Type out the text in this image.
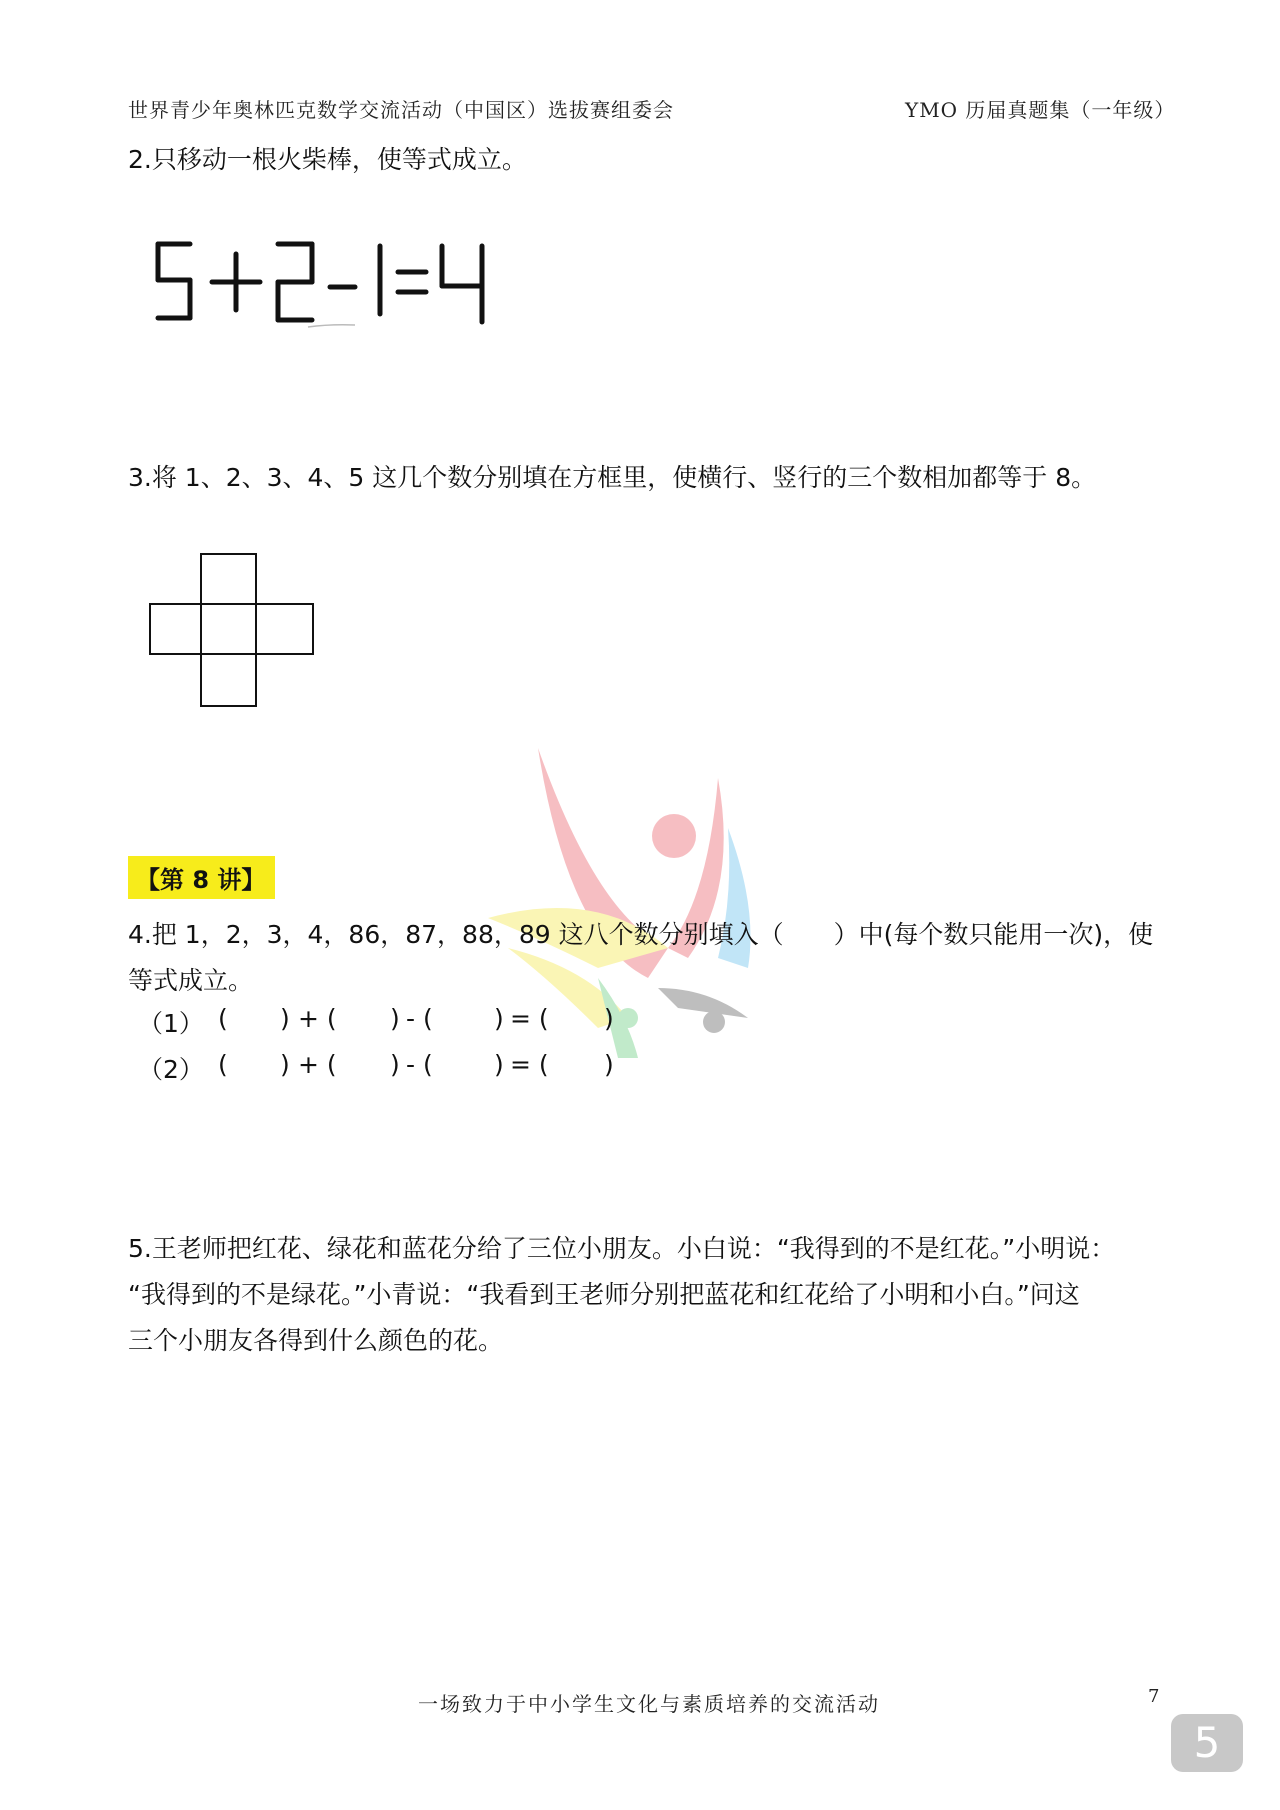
世界青少年奥林匹克数学交流活动（中国区）选拔赛组委会	YMO 历届真题集（一年级）
2.只移动一根火柴棒，使等式成立。
3.将 1、2、3、4、5 这几个数分别填在方框里，使横行、竖行的三个数相加都等于 8。
【第 8 讲】
4.把 1，2，3，4，86，87，88，89 这八个数分别填入（　　）中(每个数只能用一次)，使
等式成立。
（1） ( ) + ( ) - ( ) = ( )
（2） ( ) + ( ) - ( ) = ( )
5.王老师把红花、绿花和蓝花分给了三位小朋友。小白说：“我得到的不是红花。”小明说：
“我得到的不是绿花。”小青说：“我看到王老师分别把蓝花和红花给了小明和小白。”问这
三个小朋友各得到什么颜色的花。
一场致力于中小学生文化与素质培养的交流活动	7
5
